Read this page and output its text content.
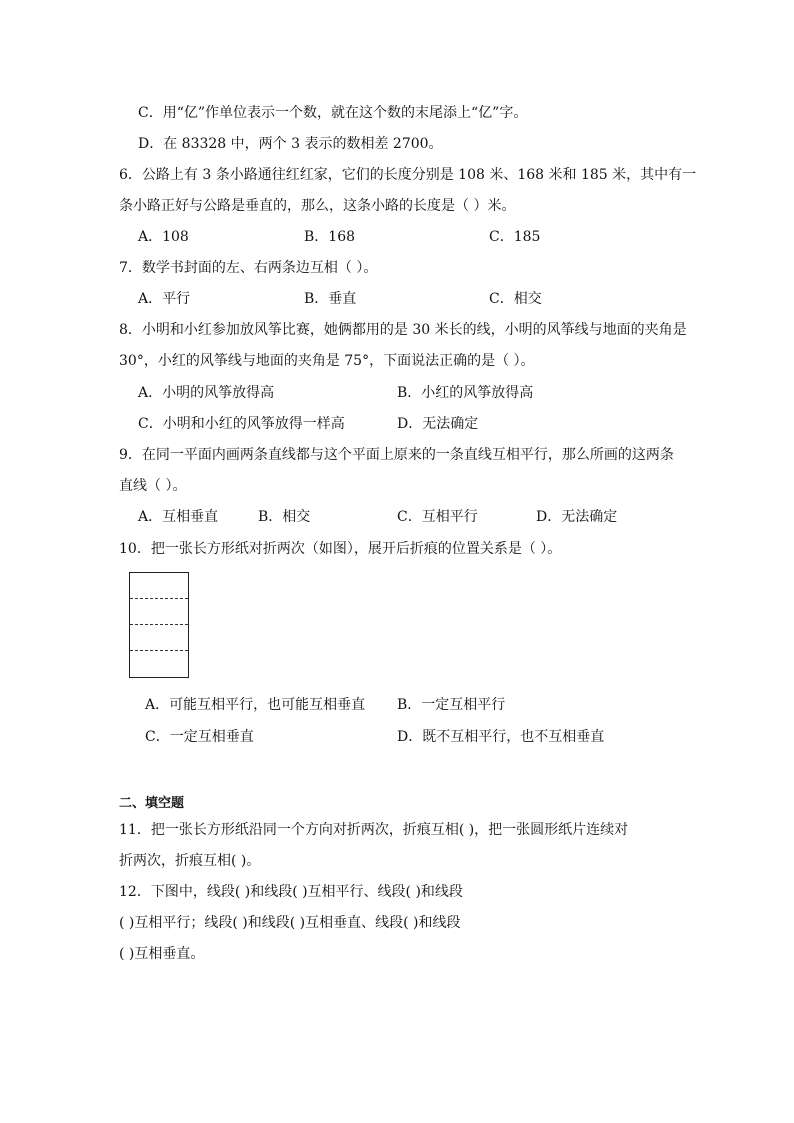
C．用“亿”作单位表示一个数，就在这个数的末尾添上“亿”字。
D．在 83328 中，两个 3 表示的数相差 2700。
6．公路上有 3 条小路通往红红家，它们的长度分别是 108 米、168 米和 185 米，其中有一
条小路正好与公路是垂直的，那么，这条小路的长度是（ ）米。
A．108	B．168	C．185
7．数学书封面的左、右两条边互相（ ）。
A．平行	B．垂直	C．相交
8．小明和小红参加放风筝比赛，她俩都用的是 30 米长的线，小明的风筝线与地面的夹角是
30°，小红的风筝线与地面的夹角是 75°，下面说法正确的是（ ）。
A．小明的风筝放得高	B．小红的风筝放得高
C．小明和小红的风筝放得一样高	D．无法确定
9．在同一平面内画两条直线都与这个平面上原来的一条直线互相平行，那么所画的这两条
直线（ ）。
A．互相垂直	B．相交	C．互相平行	D．无法确定
10．把一张长方形纸对折两次（如图），展开后折痕的位置关系是（ ）。
A．可能互相平行，也可能互相垂直 B．一定互相平行
C．一定互相垂直	D．既不互相平行，也不互相垂直
二、填空题
11．把一张长方形纸沿同一个方向对折两次，折痕互相( )，把一张圆形纸片连续对
折两次，折痕互相( )。
12．下图中，线段( )和线段( )互相平行、线段( )和线段
( )互相平行；线段( )和线段( )互相垂直、线段( )和线段
( )互相垂直。
